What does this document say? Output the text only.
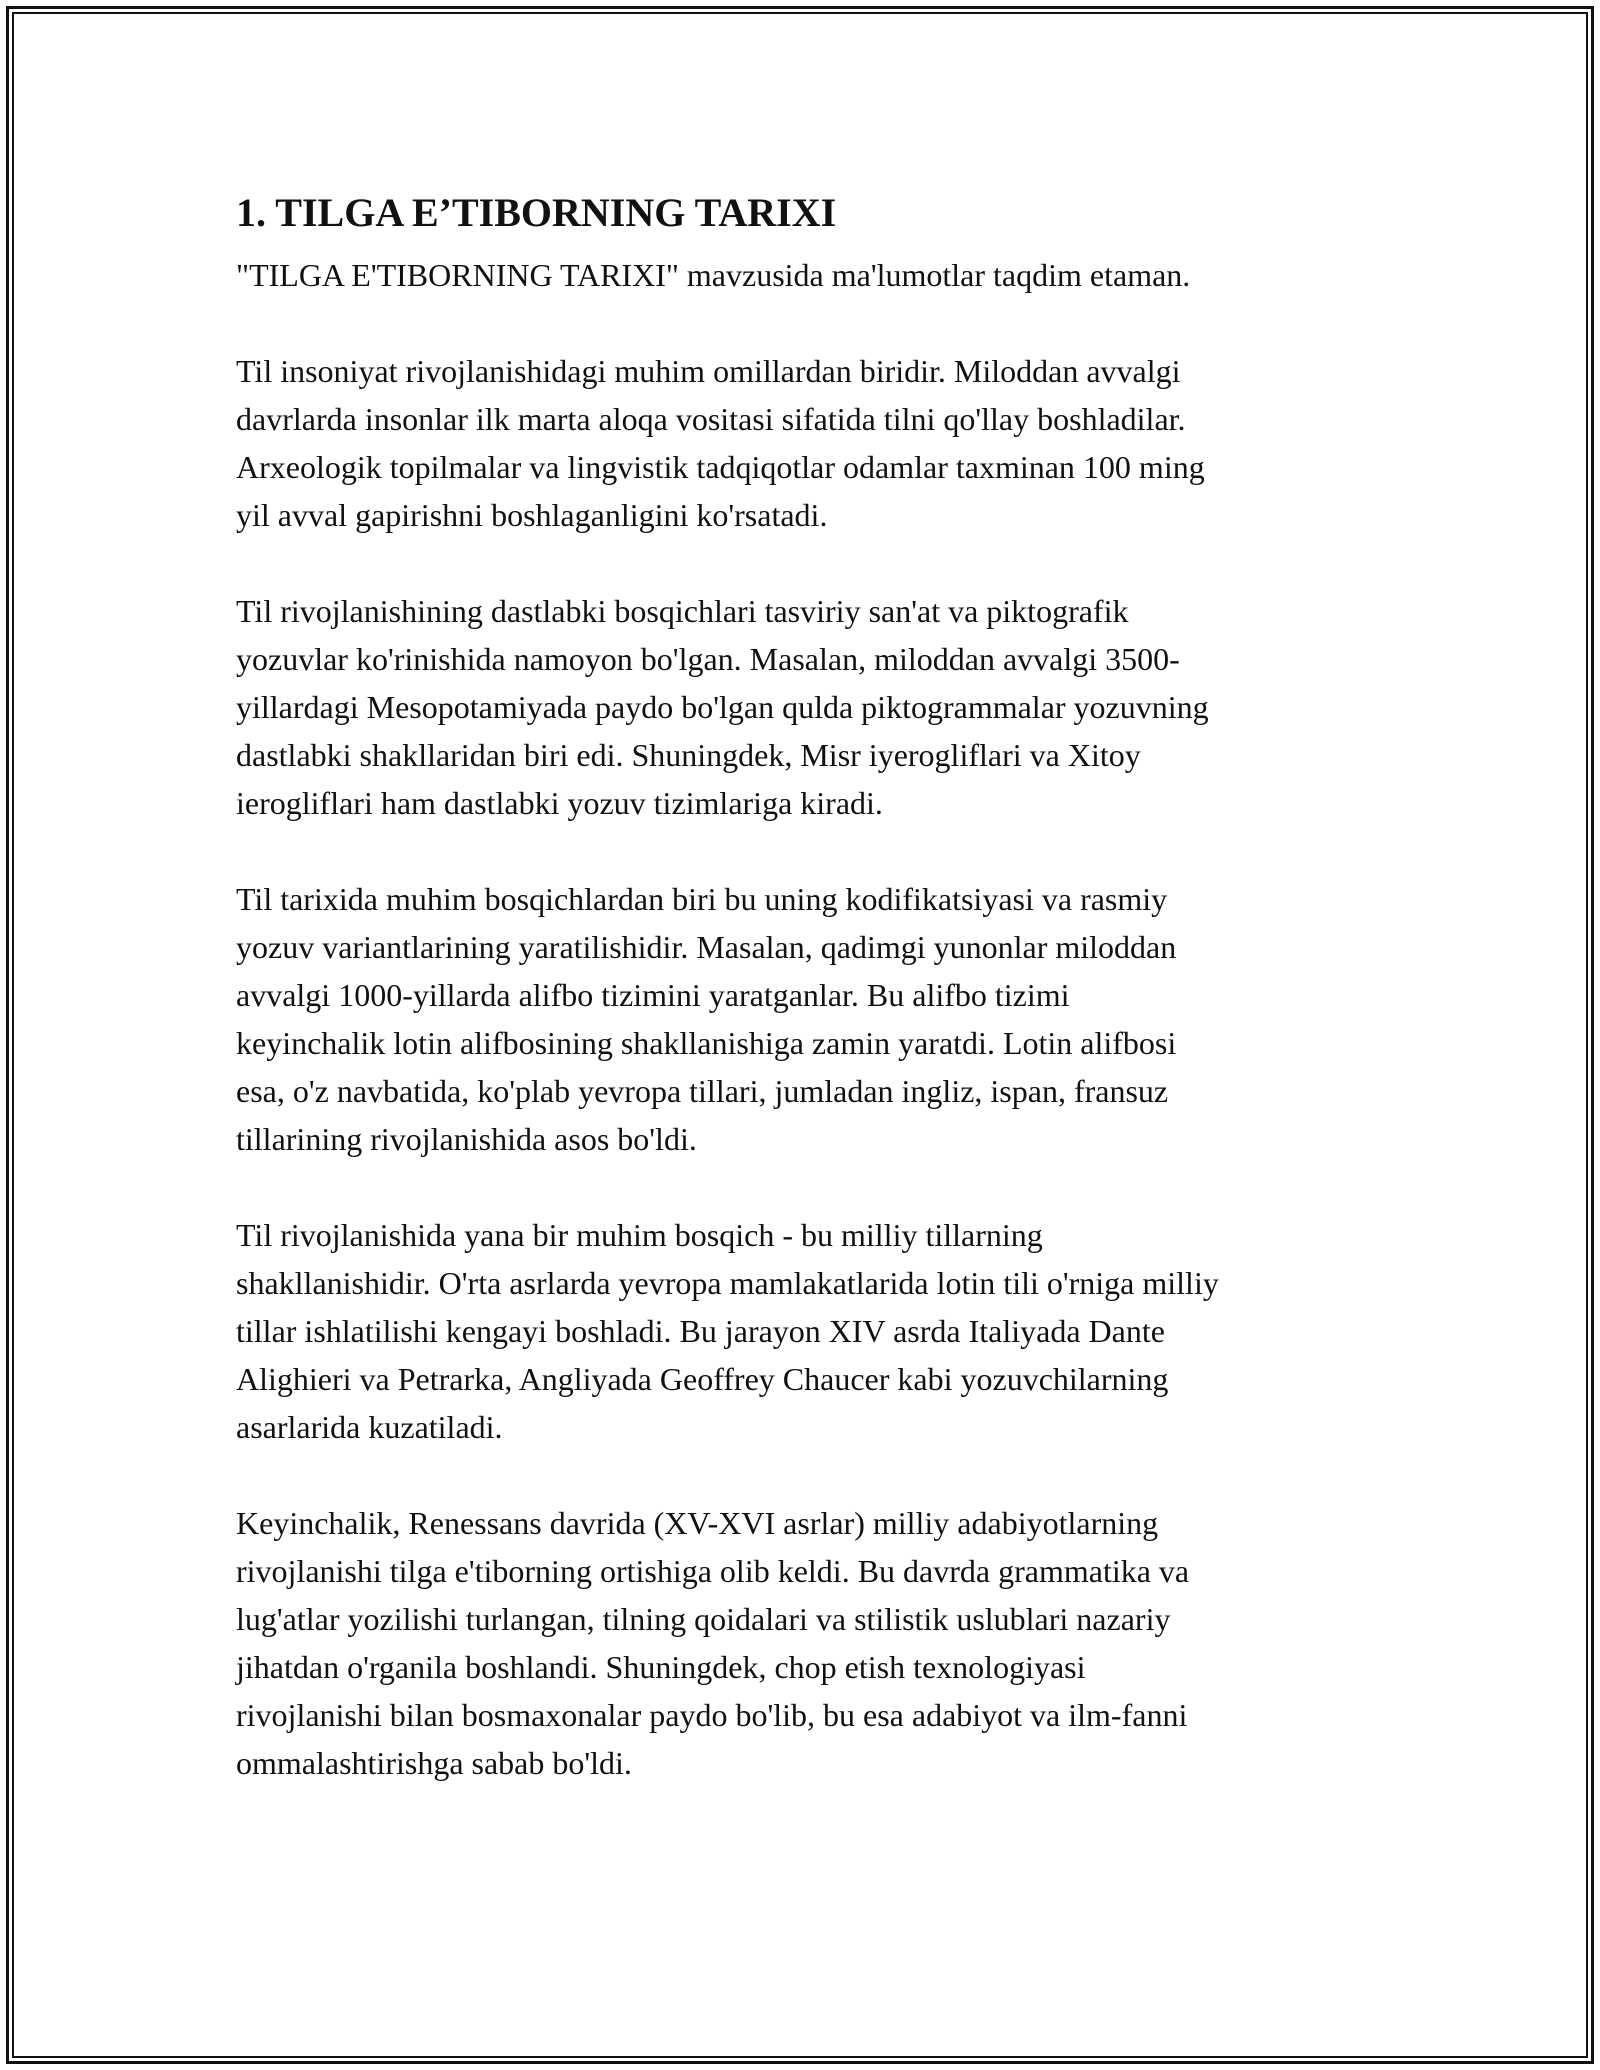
1. TILGA E’TIBORNING TARIXI

"TILGA E'TIBORNING TARIXI" mavzusida ma'lumotlar taqdim etaman.

Til insoniyat rivojlanishidagi muhim omillardan biridir. Miloddan avvalgi
davrlarda insonlar ilk marta aloqa vositasi sifatida tilni qo'llay boshladilar.
Arxeologik topilmalar va lingvistik tadqiqotlar odamlar taxminan 100 ming
yil avval gapirishni boshlaganligini ko'rsatadi.

Til rivojlanishining dastlabki bosqichlari tasviriy san'at va piktografik
yozuvlar ko'rinishida namoyon bo'lgan. Masalan, miloddan avvalgi 3500-
yillardagi Mesopotamiyada paydo bo'lgan qulda piktogrammalar yozuvning
dastlabki shakllaridan biri edi. Shuningdek, Misr iyerogliflari va Xitoy
ierogliflari ham dastlabki yozuv tizimlariga kiradi.

Til tarixida muhim bosqichlardan biri bu uning kodifikatsiyasi va rasmiy
yozuv variantlarining yaratilishidir. Masalan, qadimgi yunonlar miloddan
avvalgi 1000-yillarda alifbo tizimini yaratganlar. Bu alifbo tizimi
keyinchalik lotin alifbosining shakllanishiga zamin yaratdi. Lotin alifbosi
esa, o'z navbatida, ko'plab yevropa tillari, jumladan ingliz, ispan, fransuz
tillarining rivojlanishida asos bo'ldi.

Til rivojlanishida yana bir muhim bosqich - bu milliy tillarning
shakllanishidir. O'rta asrlarda yevropa mamlakatlarida lotin tili o'rniga milliy
tillar ishlatilishi kengayi boshladi. Bu jarayon XIV asrda Italiyada Dante
Alighieri va Petrarka, Angliyada Geoffrey Chaucer kabi yozuvchilarning
asarlarida kuzatiladi.

Keyinchalik, Renessans davrida (XV-XVI asrlar) milliy adabiyotlarning
rivojlanishi tilga e'tiborning ortishiga olib keldi. Bu davrda grammatika va
lug'atlar yozilishi turlangan, tilning qoidalari va stilistik uslublari nazariy
jihatdan o'rganila boshlandi. Shuningdek, chop etish texnologiyasi
rivojlanishi bilan bosmaxonalar paydo bo'lib, bu esa adabiyot va ilm-fanni
ommalashtirishga sabab bo'ldi.
